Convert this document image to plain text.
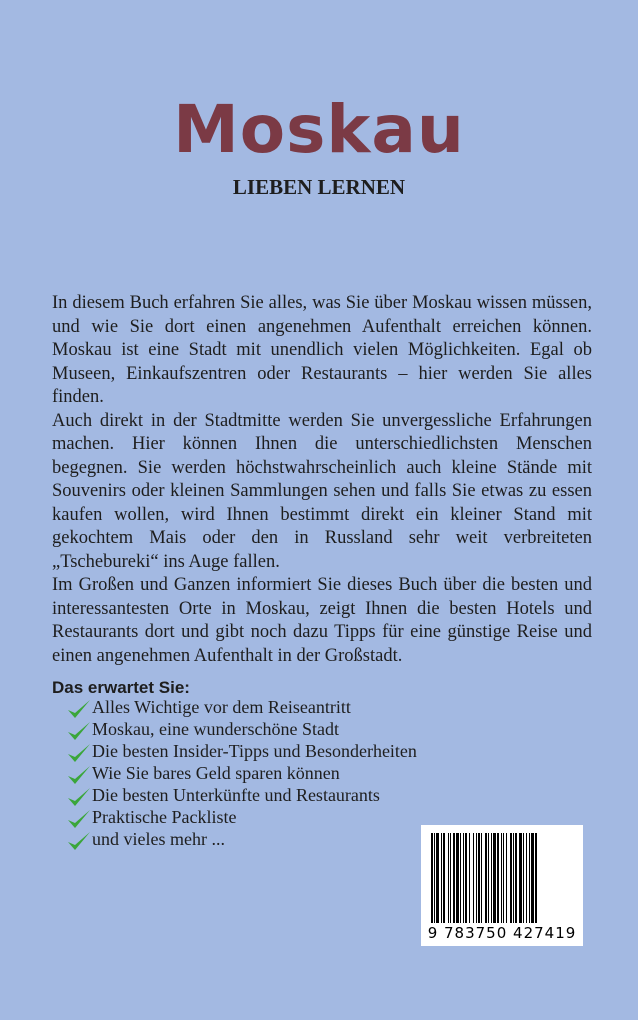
Moskau
LIEBEN LERNEN

In diesem Buch erfahren Sie alles, was Sie über Moskau wissen müssen, und wie Sie dort einen angenehmen Aufenthalt erreichen können. Moskau ist eine Stadt mit unendlich vielen Möglichkeiten. Egal ob Museen, Einkaufszentren oder Restaurants – hier werden Sie alles finden.

Auch direkt in der Stadtmitte werden Sie unvergessliche Erfahrungen machen. Hier können Ihnen die unterschiedlichsten Menschen begegnen. Sie werden höchstwahrscheinlich auch kleine Stände mit Souvenirs oder kleinen Sammlungen sehen und falls Sie etwas zu essen kaufen wollen, wird Ihnen bestimmt direkt ein kleiner Stand mit gekochtem Mais oder den in Russland sehr weit verbreiteten „Tschebureki“ ins Auge fallen.

Im Großen und Ganzen informiert Sie dieses Buch über die besten und interessantesten Orte in Moskau, zeigt Ihnen die besten Hotels und Restaurants dort und gibt noch dazu Tipps für eine günstige Reise und einen angenehmen Aufenthalt in der Großstadt.

Das erwartet Sie:
Alles Wichtige vor dem Reiseantritt
Moskau, eine wunderschöne Stadt
Die besten Insider-Tipps und Besonderheiten
Wie Sie bares Geld sparen können
Die besten Unterkünfte und Restaurants
Praktische Packliste
und vieles mehr ...
9 783750 427419
